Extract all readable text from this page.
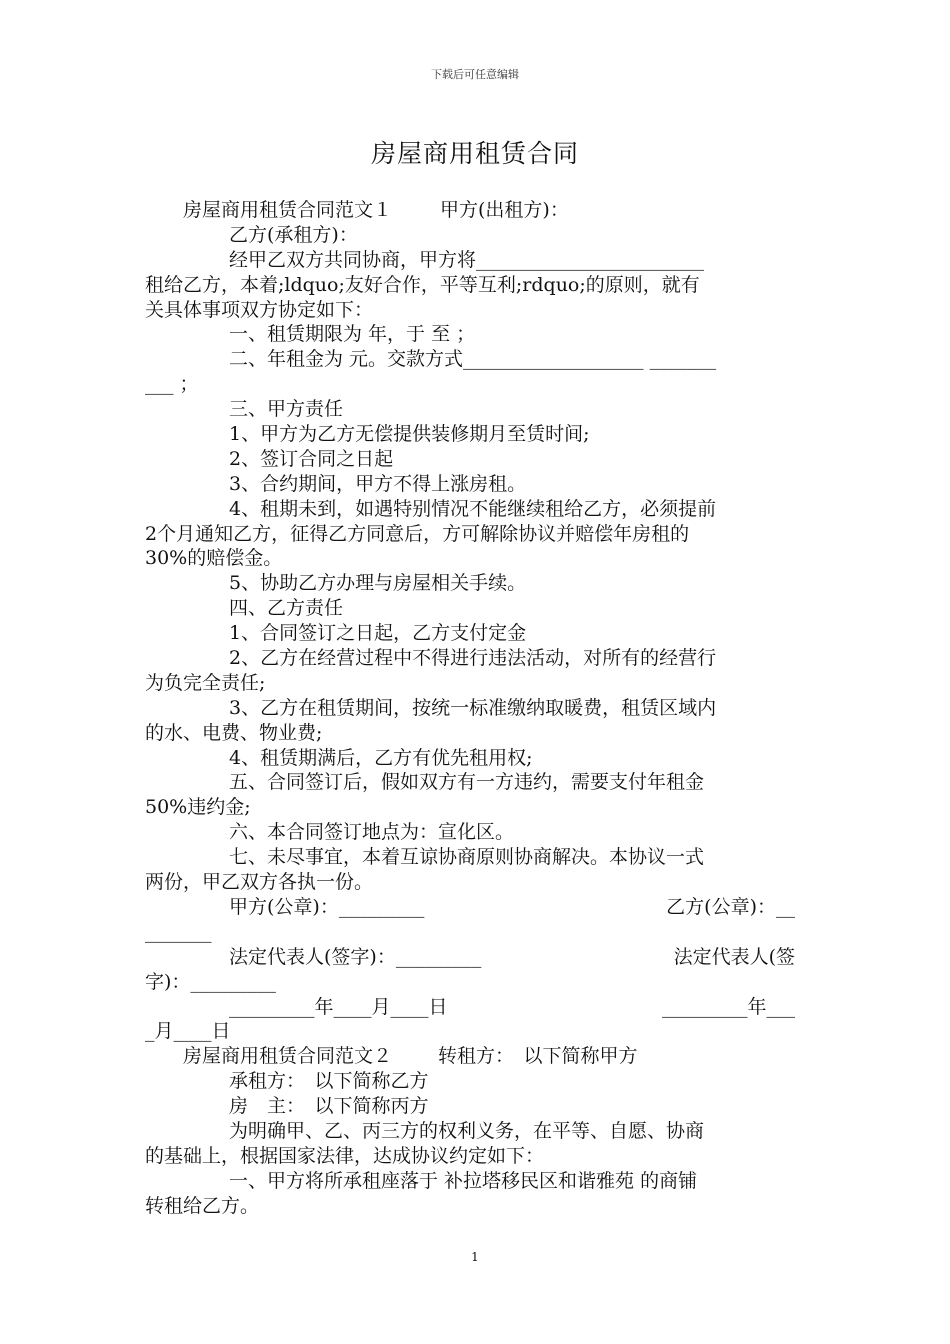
下载后可任意编辑
房屋商用租赁合同
房屋商用租赁合同范文１	甲方(出租方)：
乙方(承租方)：
经甲乙双方共同协商，甲方将________________________
租给乙方，本着;ldquo;友好合作，平等互利;rdquo;的原则，就有
关具体事项双方协定如下：
一、租赁期限为 年，于 至 ；
二、年租金为 元。交款方式___________________ _______
___ ；
三、甲方责任
1、甲方为乙方无偿提供装修期月至赁时间;
2、签订合同之日起
3、合约期间，甲方不得上涨房租。
4、租期未到，如遇特别情况不能继续租给乙方，必须提前
2个月通知乙方，征得乙方同意后，方可解除协议并赔偿年房租的
30%的赔偿金。
5、协助乙方办理与房屋相关手续。
四、乙方责任
1、合同签订之日起，乙方支付定金
2、乙方在经营过程中不得进行违法活动，对所有的经营行
为负完全责任;
3、乙方在租赁期间，按统一标准缴纳取暖费，租赁区域内
的水、电费、物业费;
4、租赁期满后，乙方有优先租用权;
五、合同签订后，假如双方有一方违约，需要支付年租金
50%违约金;
六、本合同签订地点为：宣化区。
七、未尽事宜，本着互谅协商原则协商解决。本协议一式
两份，甲乙双方各执一份。
甲方(公章)：_________	乙方(公章)：__
_______
法定代表人(签字)：_________	法定代表人(签
字)：_________
_________年____月____日	_________年___
_月____日
房屋商用租赁合同范文２ 转租方：　以下简称甲方
承租方：　以下简称乙方
房　主：　以下简称丙方
为明确甲、乙、丙三方的权利义务，在平等、自愿、协商
的基础上，根据国家法律，达成协议约定如下：
一、甲方将所承租座落于 补拉塔移民区和谐雅苑 的商铺
转租给乙方。
1
